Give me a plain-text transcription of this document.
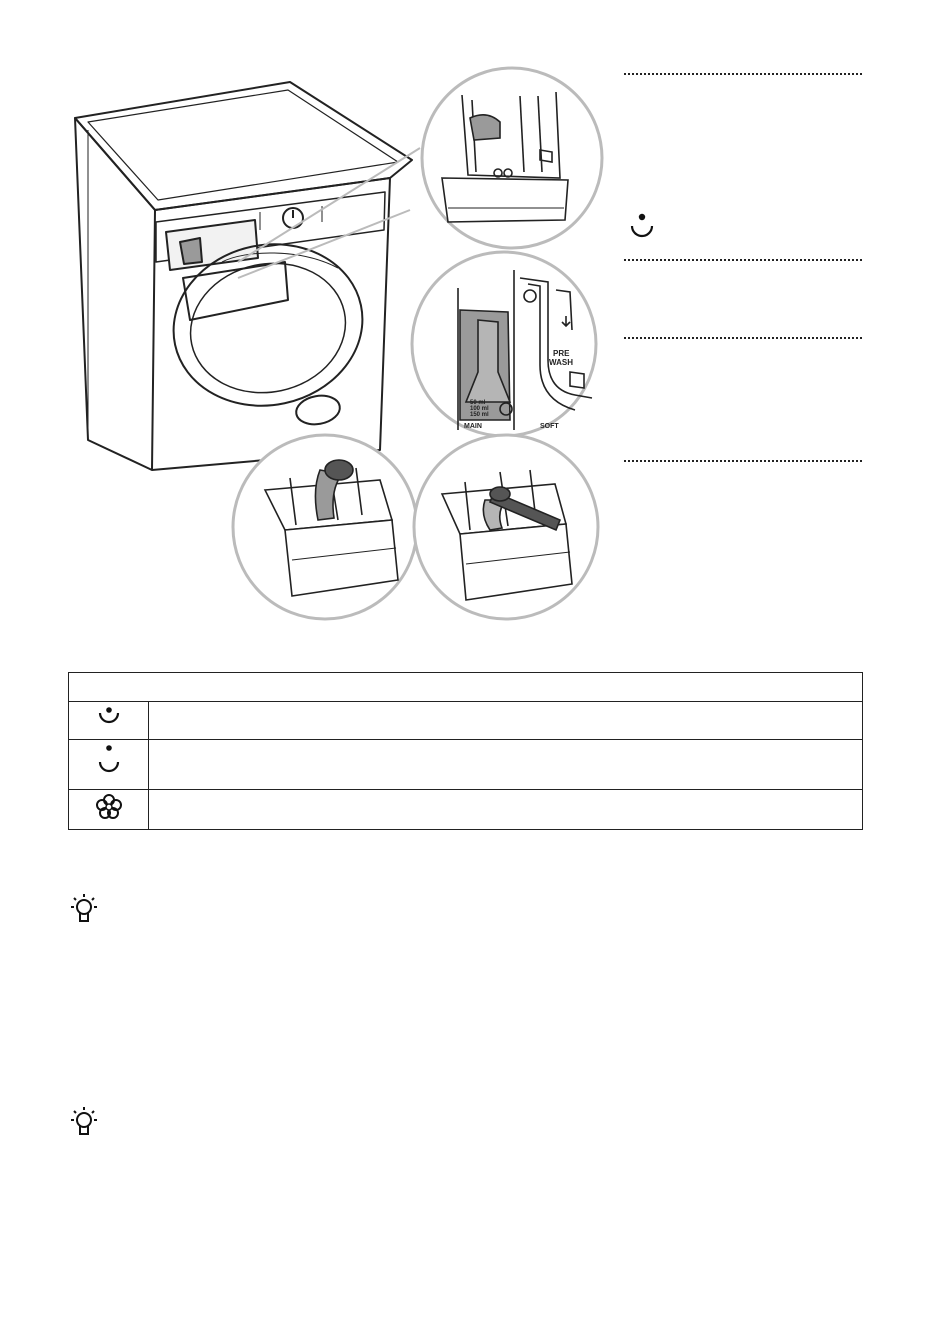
50 ml
100 ml
150 ml
PRE
WASH
MAIN	SOFT
